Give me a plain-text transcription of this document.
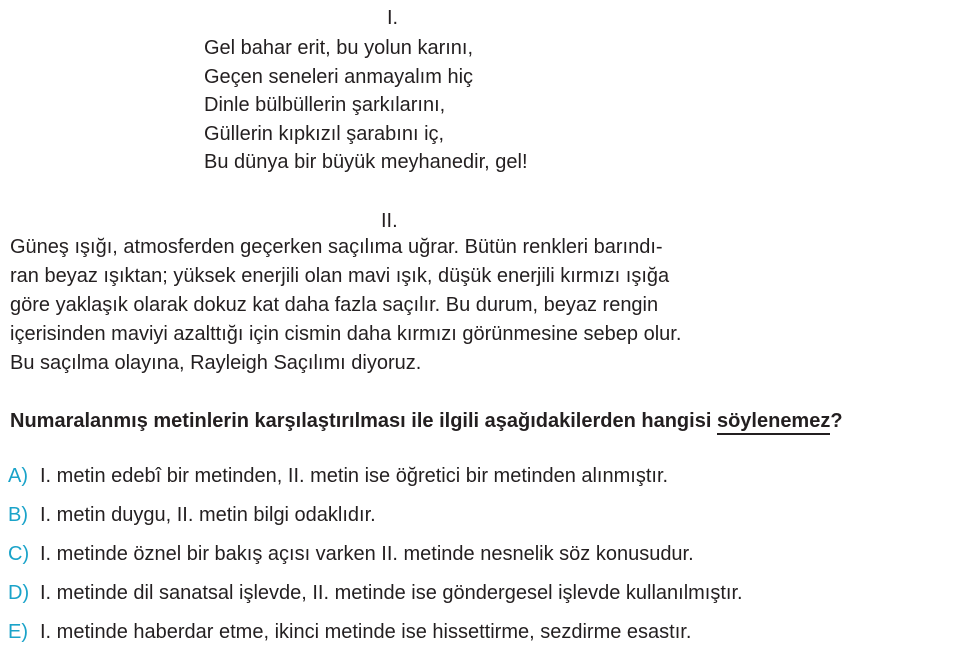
I.
Gel bahar erit, bu yolun karını,
Geçen seneleri anmayalım hiç
Dinle bülbüllerin şarkılarını,
Güllerin kıpkızıl şarabını iç,
Bu dünya bir büyük meyhanedir, gel!
II.
Güneş ışığı, atmosferden geçerken saçılıma uğrar. Bütün renkleri barındı-
ran beyaz ışıktan; yüksek enerjili olan mavi ışık, düşük enerjili kırmızı ışığa
göre yaklaşık olarak dokuz kat daha fazla saçılır. Bu durum, beyaz rengin
içerisinden maviyi azalttığı için cismin daha kırmızı görünmesine sebep olur.
Bu saçılma olayına, Rayleigh Saçılımı diyoruz.
Numaralanmış metinlerin karşılaştırılması ile ilgili aşağıdakilerden hangisi söylenemez?
A) I. metin edebî bir metinden, II. metin ise öğretici bir metinden alınmıştır.
B) I. metin duygu, II. metin bilgi odaklıdır.
C) I. metinde öznel bir bakış açısı varken II. metinde nesnelik söz konusudur.
D) I. metinde dil sanatsal işlevde, II. metinde ise göndergesel işlevde kullanılmıştır.
E) I. metinde haberdar etme, ikinci metinde ise hissettirme, sezdirme esastır.
